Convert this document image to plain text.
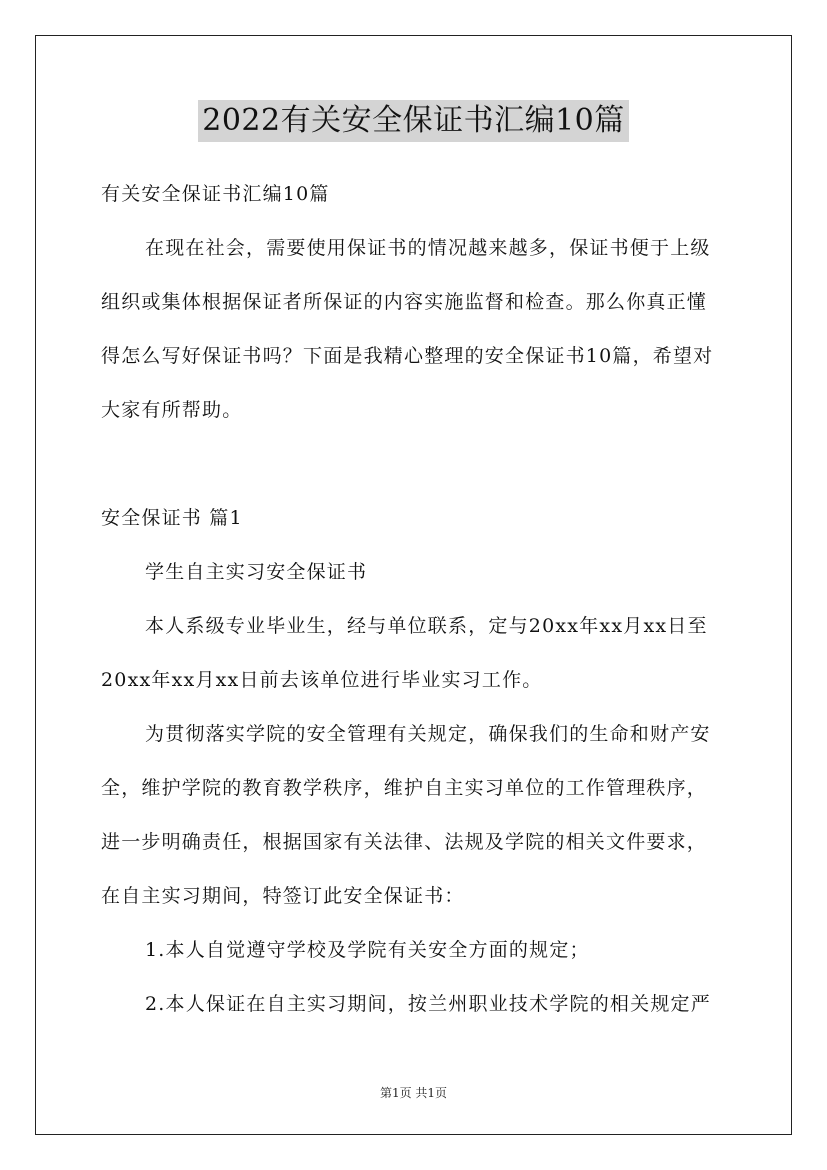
2022有关安全保证书汇编10篇
有关安全保证书汇编10篇
在现在社会，需要使用保证书的情况越来越多，保证书便于上级
组织或集体根据保证者所保证的内容实施监督和检查。那么你真正懂
得怎么写好保证书吗？下面是我精心整理的安全保证书10篇，希望对
大家有所帮助。
安全保证书 篇1
学生自主实习安全保证书
本人系级专业毕业生，经与单位联系，定与20xx年xx月xx日至
20xx年xx月xx日前去该单位进行毕业实习工作。
为贯彻落实学院的安全管理有关规定，确保我们的生命和财产安
全，维护学院的教育教学秩序，维护自主实习单位的工作管理秩序，
进一步明确责任，根据国家有关法律、法规及学院的相关文件要求，
在自主实习期间，特签订此安全保证书：
1.本人自觉遵守学校及学院有关安全方面的规定；
2.本人保证在自主实习期间，按兰州职业技术学院的相关规定严
第1页 共1页
